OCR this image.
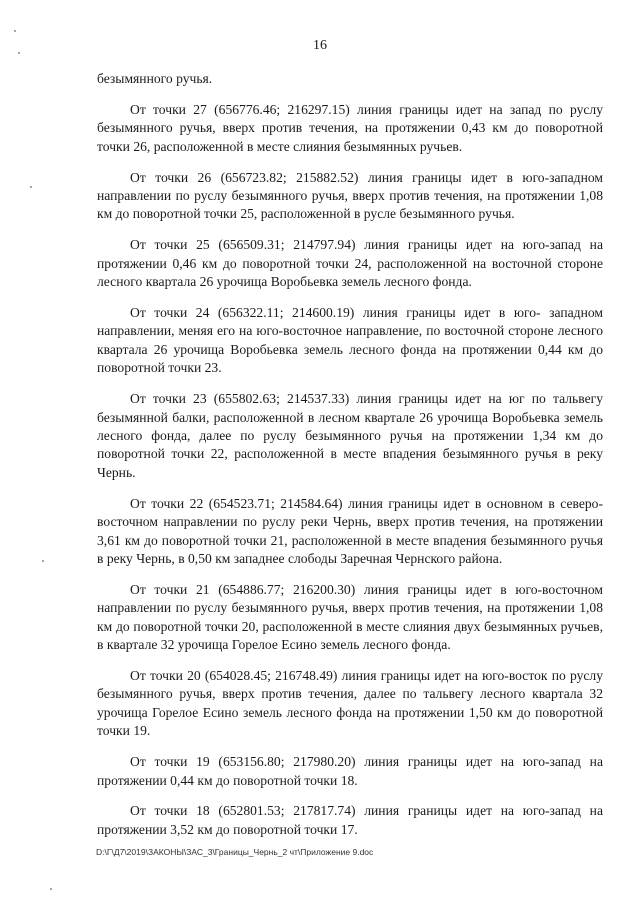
16

безымянного ручья.

От точки 27 (656776.46; 216297.15) линия границы идет на запад по руслу безымянного ручья, вверх против течения, на протяжении 0,43 км до поворотной точки 26, расположенной в месте слияния безымянных ручьев.

От точки 26 (656723.82; 215882.52) линия границы идет в юго-западном направлении по руслу безымянного ручья, вверх против течения, на протяжении 1,08 км до поворотной точки 25, расположенной в русле безымянного ручья.

От точки 25 (656509.31; 214797.94) линия границы идет на юго-запад на протяжении 0,46 км до поворотной точки 24, расположенной на восточной стороне лесного квартала 26 урочища Воробьевка земель лесного фонда.

От точки 24 (656322.11; 214600.19) линия границы идет в юго- западном направлении, меняя его на юго-восточное направление, по восточной стороне лесного квартала 26 урочища Воробьевка земель лесного фонда на протяжении 0,44 км до поворотной точки 23.

От точки 23 (655802.63; 214537.33) линия границы идет на юг по тальвегу безымянной балки, расположенной в лесном квартале 26 урочища Воробьевка земель лесного фонда, далее по руслу безымянного ручья на протяжении 1,34 км до поворотной точки 22, расположенной в месте впадения безымянного ручья в реку Чернь.

От точки 22 (654523.71; 214584.64) линия границы идет в основном в северо-восточном направлении по руслу реки Чернь, вверх против течения, на протяжении 3,61 км до поворотной точки 21, расположенной в месте впадения безымянного ручья в реку Чернь, в 0,50 км западнее слободы Заречная Чернского района.

От точки 21 (654886.77; 216200.30) линия границы идет в юго-восточном направлении по руслу безымянного ручья, вверх против течения, на протяжении 1,08 км до поворотной точки 20, расположенной в месте слияния двух безымянных ручьев, в квартале 32 урочища Горелое Есино земель лесного фонда.

От точки 20 (654028.45; 216748.49) линия границы идет на юго-восток по руслу безымянного ручья, вверх против течения, далее по тальвегу лесного квартала 32 урочища Горелое Есино земель лесного фонда на протяжении 1,50 км до поворотной точки 19.

От точки 19 (653156.80; 217980.20) линия границы идет на юго-запад на протяжении 0,44 км до поворотной точки 18.

От точки 18 (652801.53; 217817.74) линия границы идет на юго-запад на протяжении 3,52 км до поворотной точки 17.

D:\Г\Д7\2019\ЗАКОНЫ\ЗАС_3\Границы_Чернь_2 чт\Приложение 9.doc
